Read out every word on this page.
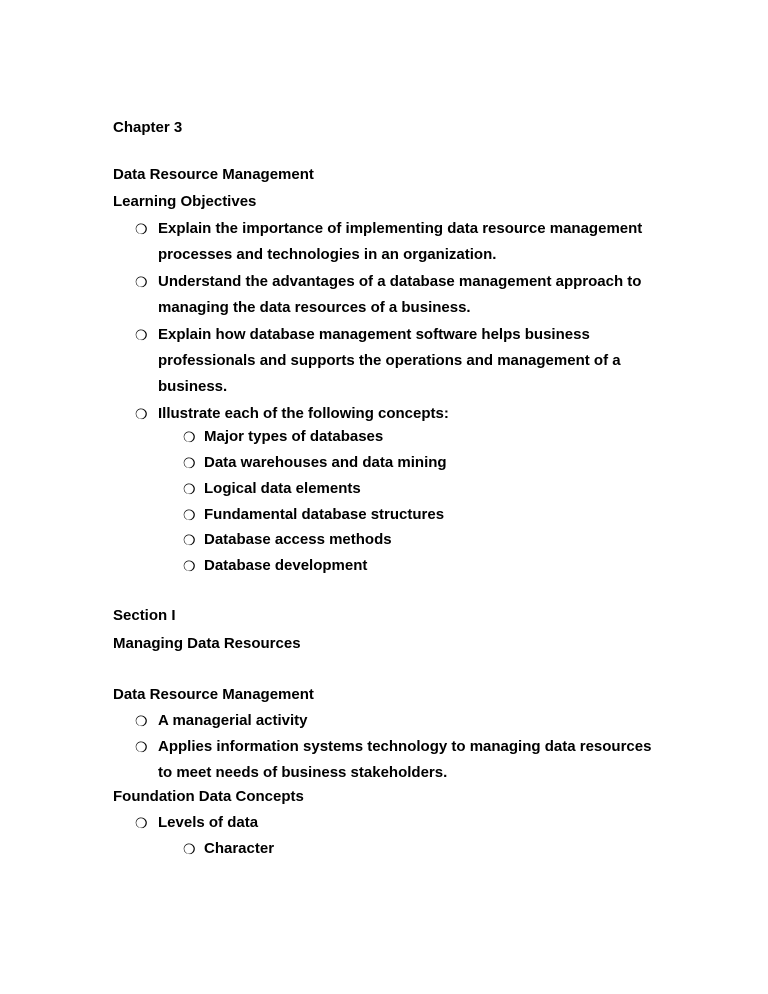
Chapter 3
Data Resource Management
Learning Objectives
❍ Explain the importance of implementing data resource management
processes and technologies in an organization.
❍ Understand the advantages of a database management approach to
managing the data resources of a business.
❍ Explain how database management software helps business
professionals and supports the operations and management of a
business.
❍ Illustrate each of the following concepts:
❍ Major types of databases
❍ Data warehouses and data mining
❍ Logical data elements
❍ Fundamental database structures
❍ Database access methods
❍ Database development
Section I
Managing Data Resources
Data Resource Management
❍ A managerial activity
❍ Applies information systems technology to managing data resources
to meet needs of business stakeholders.
Foundation Data Concepts
❍ Levels of data
❍ Character
